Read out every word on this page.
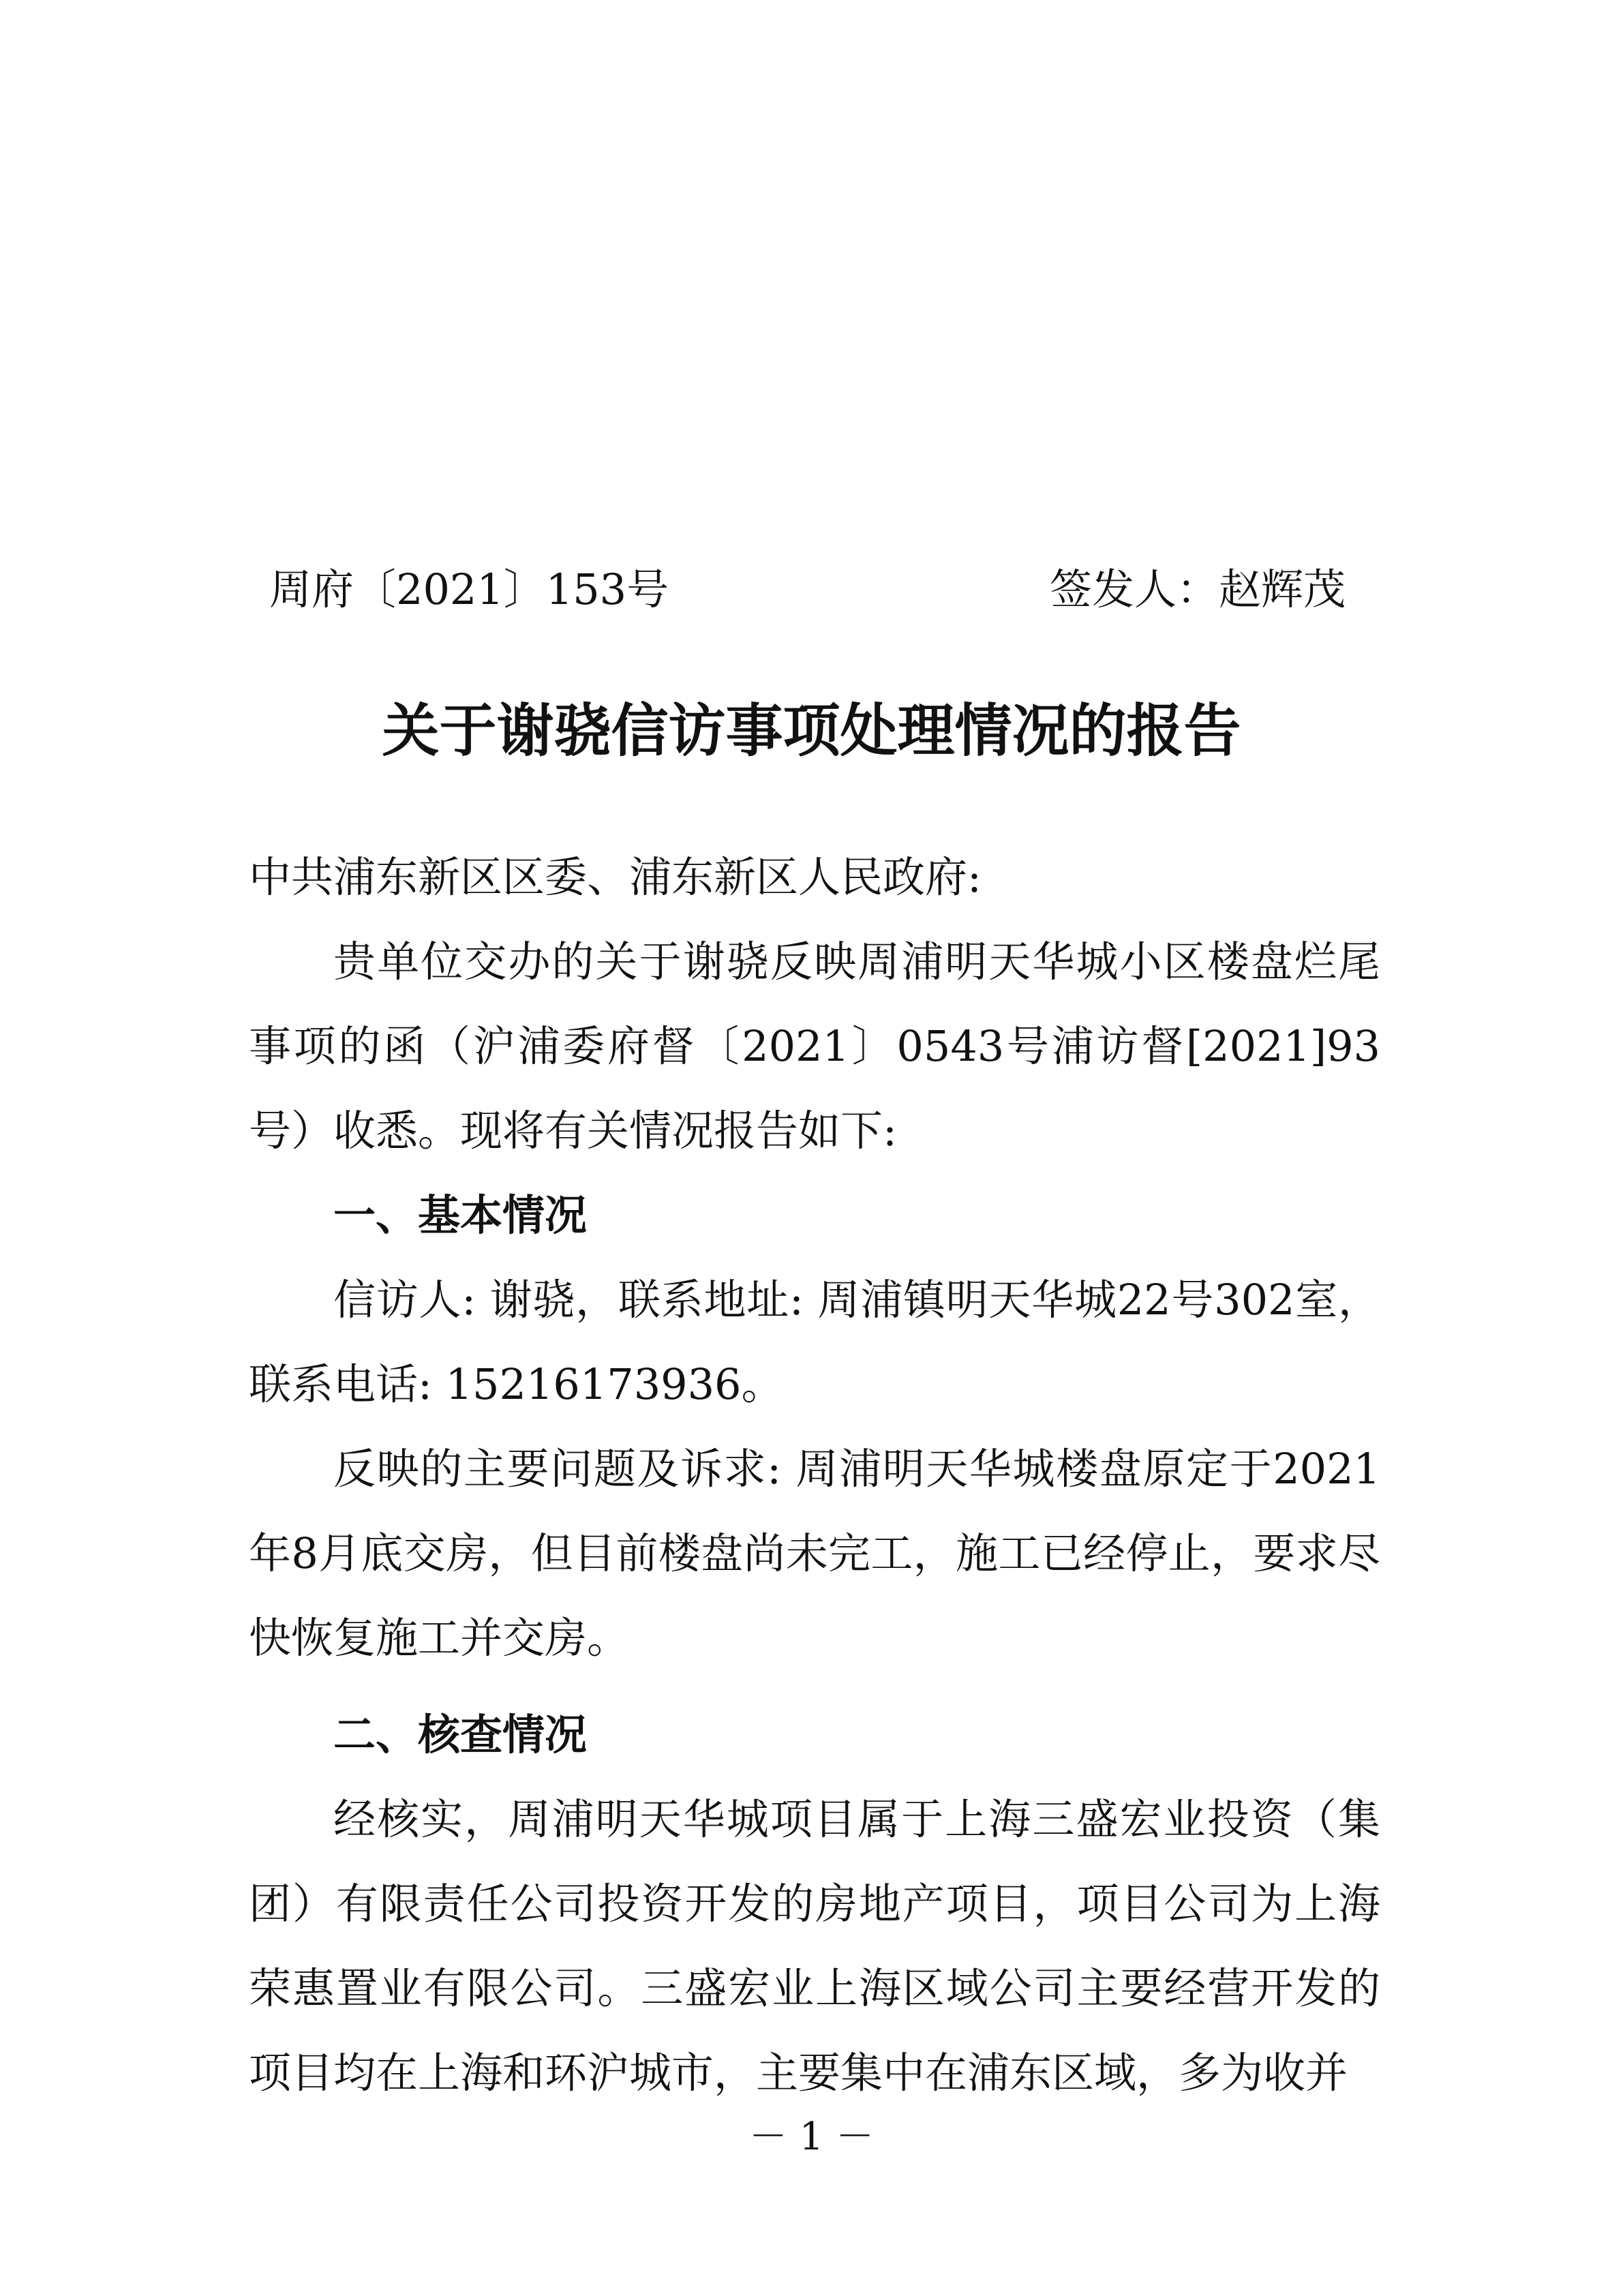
周府〔2021〕153号	签发人：赵辉茂
关于谢骁信访事项处理情况的报告

中共浦东新区区委、浦东新区人民政府:

贵单位交办的关于谢骁反映周浦明天华城小区楼盘烂尾事项的函（沪浦委府督〔2021〕0543号浦访督[2021]93号）收悉。现将有关情况报告如下:

一、基本情况

信访人: 谢骁，联系地址: 周浦镇明天华城22号302室，联系电话: 15216173936。

反映的主要问题及诉求: 周浦明天华城楼盘原定于2021年8月底交房，但目前楼盘尚未完工，施工已经停止，要求尽快恢复施工并交房。

二、核查情况

经核实，周浦明天华城项目属于上海三盛宏业投资（集团）有限责任公司投资开发的房地产项目，项目公司为上海荣惠置业有限公司。三盛宏业上海区域公司主要经营开发的项目均在上海和环沪城市，主要集中在浦东区域，多为收并

－ 1 －
